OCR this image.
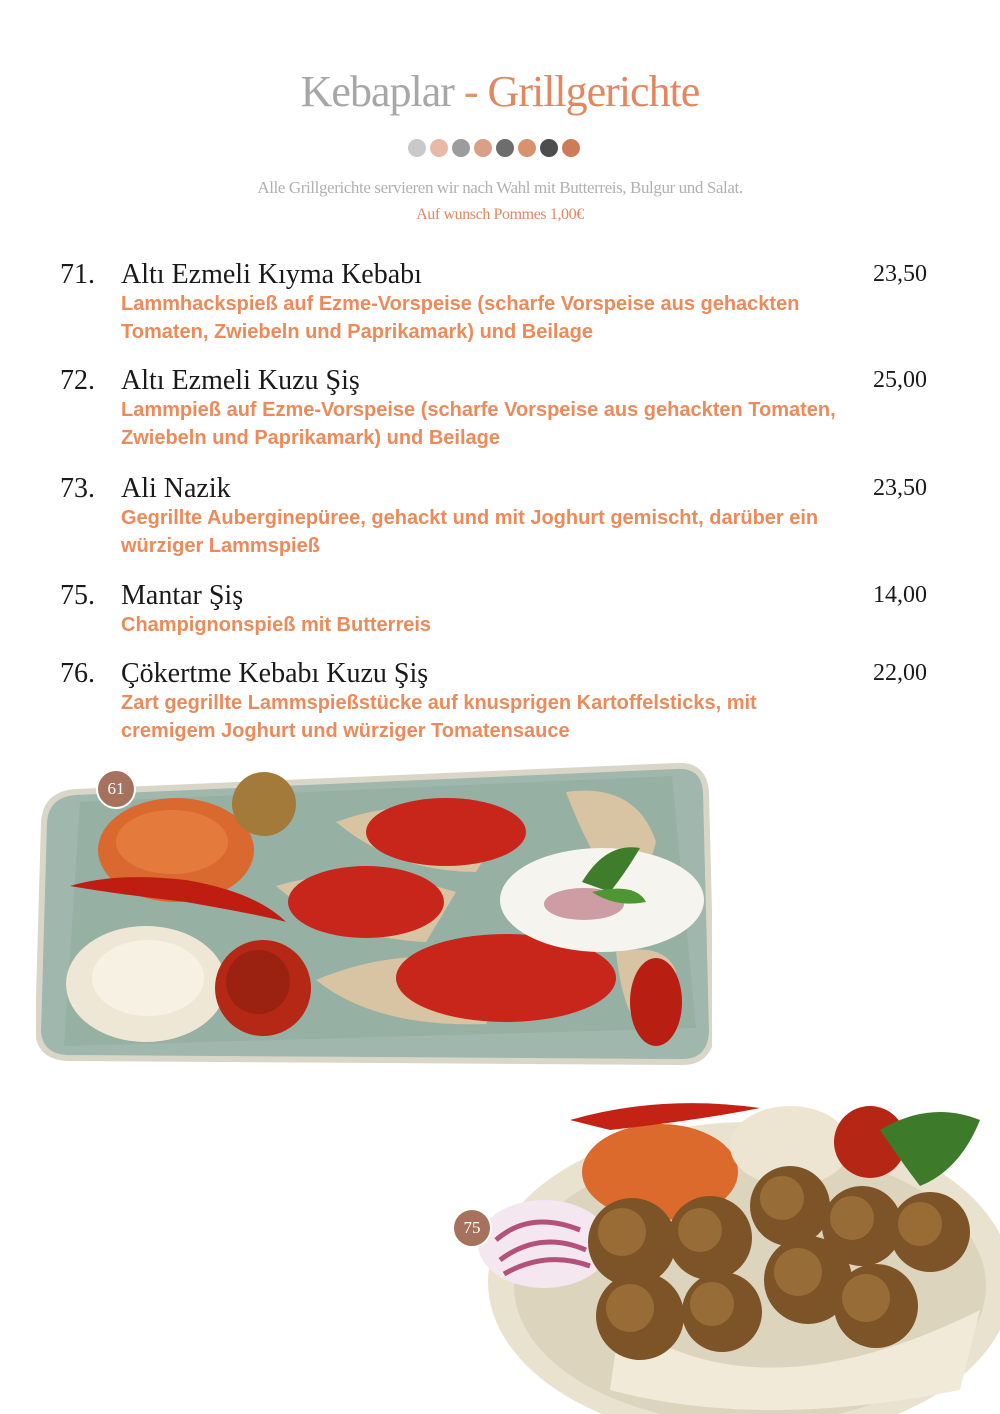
Kebaplar - Grillgerichte
Alle Grillgerichte servieren wir nach Wahl mit Butterreis, Bulgur und Salat.
Auf wunsch Pommes 1,00€
71. Altı Ezmeli Kıyma Kebabı	23,50
Lammhackspieß auf Ezme-Vorspeise (scharfe Vorspeise aus gehackten Tomaten, Zwiebeln und Paprikamark) und Beilage
72. Altı Ezmeli Kuzu Şiş	25,00
Lammpieß auf Ezme-Vorspeise (scharfe Vorspeise aus gehackten Tomaten, Zwiebeln und Paprikamark) und Beilage
73. Ali Nazik	23,50
Gegrillte Auberginepüree, gehackt und mit Joghurt gemischt, darüber ein würziger Lammspieß
75. Mantar Şiş	14,00
Champignonspieß mit Butterreis
76. Çökertme Kebabı Kuzu Şiş	22,00
Zart gegrillte Lammspießstücke auf knusprigen Kartoffelsticks, mit cremigem Joghurt und würziger Tomatensauce
61
75
